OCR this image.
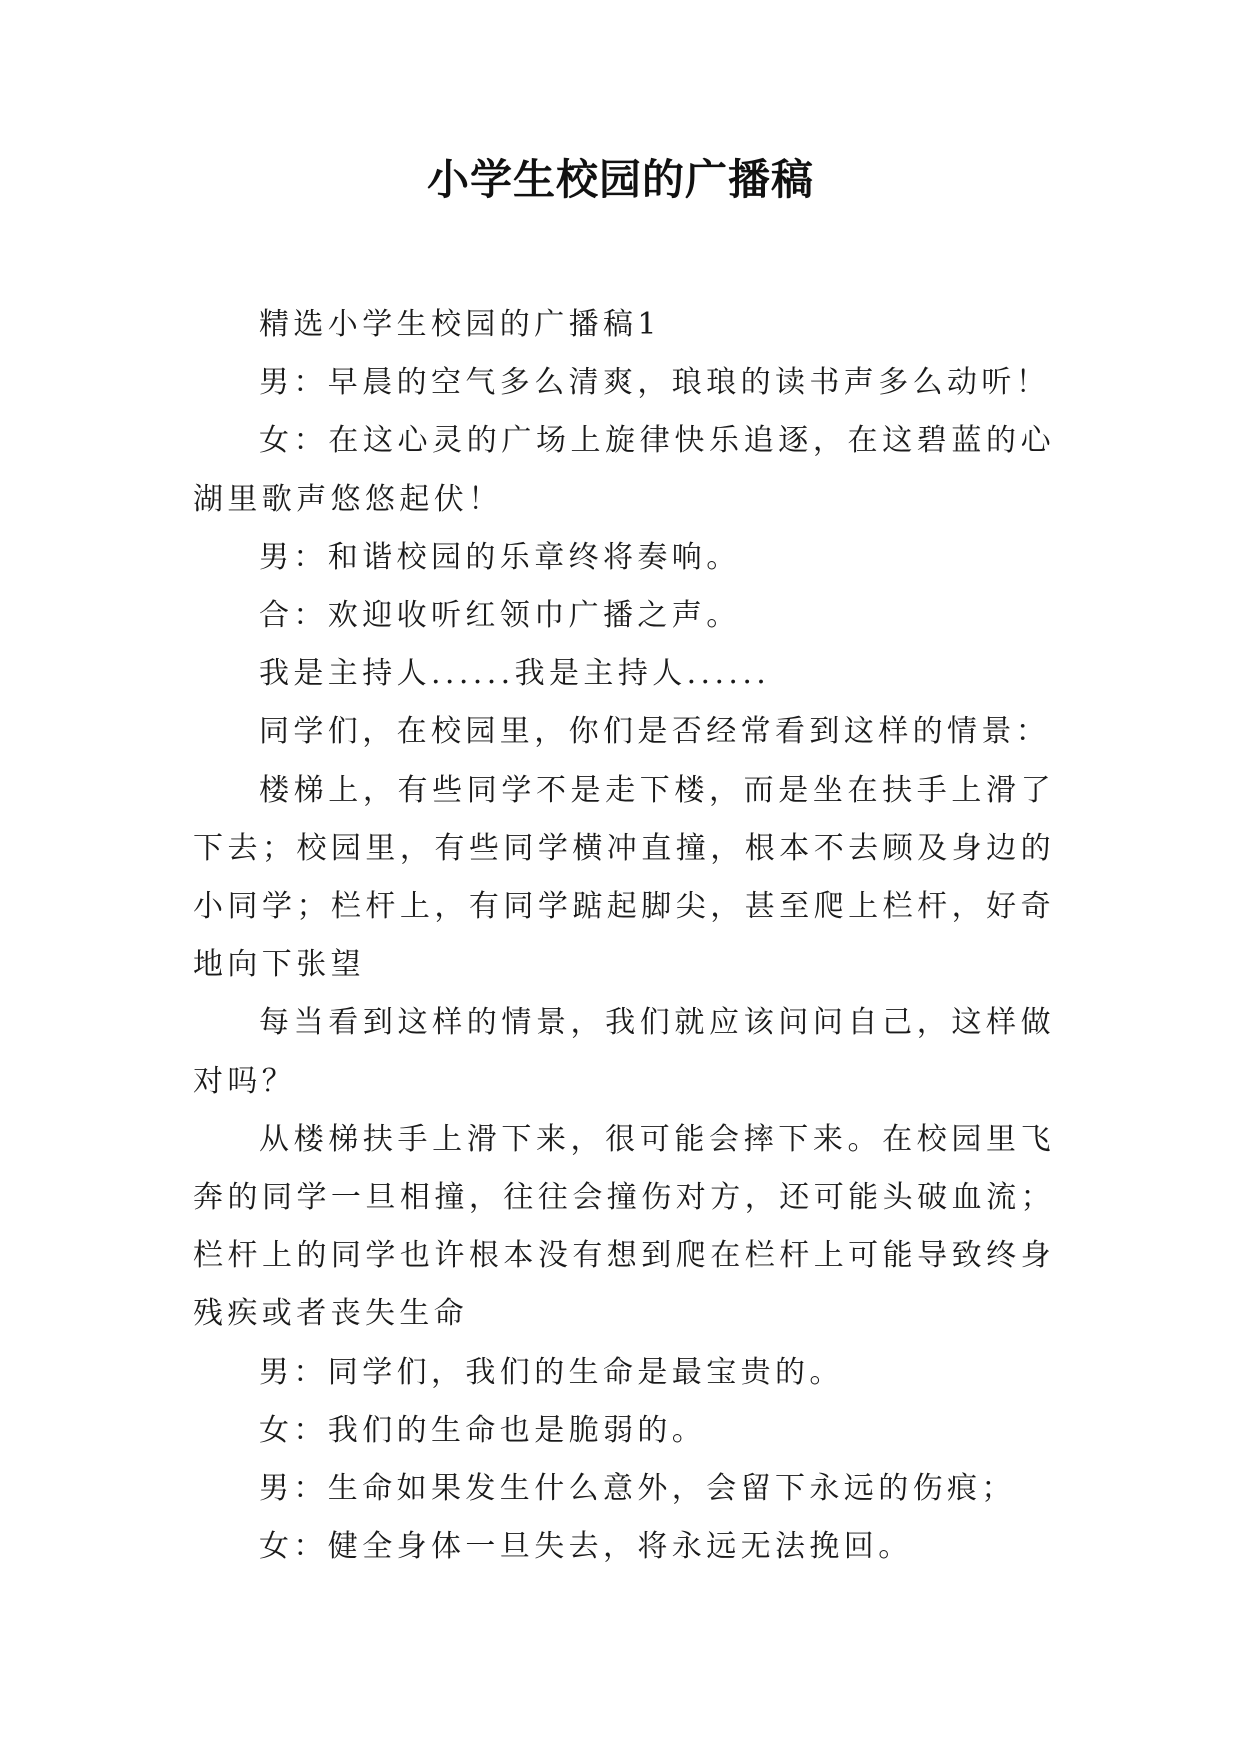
小学生校园的广播稿

精选小学生校园的广播稿1

男：早晨的空气多么清爽，琅琅的读书声多么动听！

女：在这心灵的广场上旋律快乐追逐，在这碧蓝的心湖里歌声悠悠起伏！

男：和谐校园的乐章终将奏响。

合：欢迎收听红领巾广播之声。

我是主持人......我是主持人......

同学们，在校园里，你们是否经常看到这样的情景：

楼梯上，有些同学不是走下楼，而是坐在扶手上滑了下去；校园里，有些同学横冲直撞，根本不去顾及身边的小同学；栏杆上，有同学踮起脚尖，甚至爬上栏杆，好奇地向下张望

每当看到这样的情景，我们就应该问问自己，这样做对吗？

从楼梯扶手上滑下来，很可能会摔下来。在校园里飞奔的同学一旦相撞，往往会撞伤对方，还可能头破血流；栏杆上的同学也许根本没有想到爬在栏杆上可能导致终身残疾或者丧失生命

男：同学们，我们的生命是最宝贵的。

女：我们的生命也是脆弱的。

男：生命如果发生什么意外，会留下永远的伤痕；

女：健全身体一旦失去，将永远无法挽回。
